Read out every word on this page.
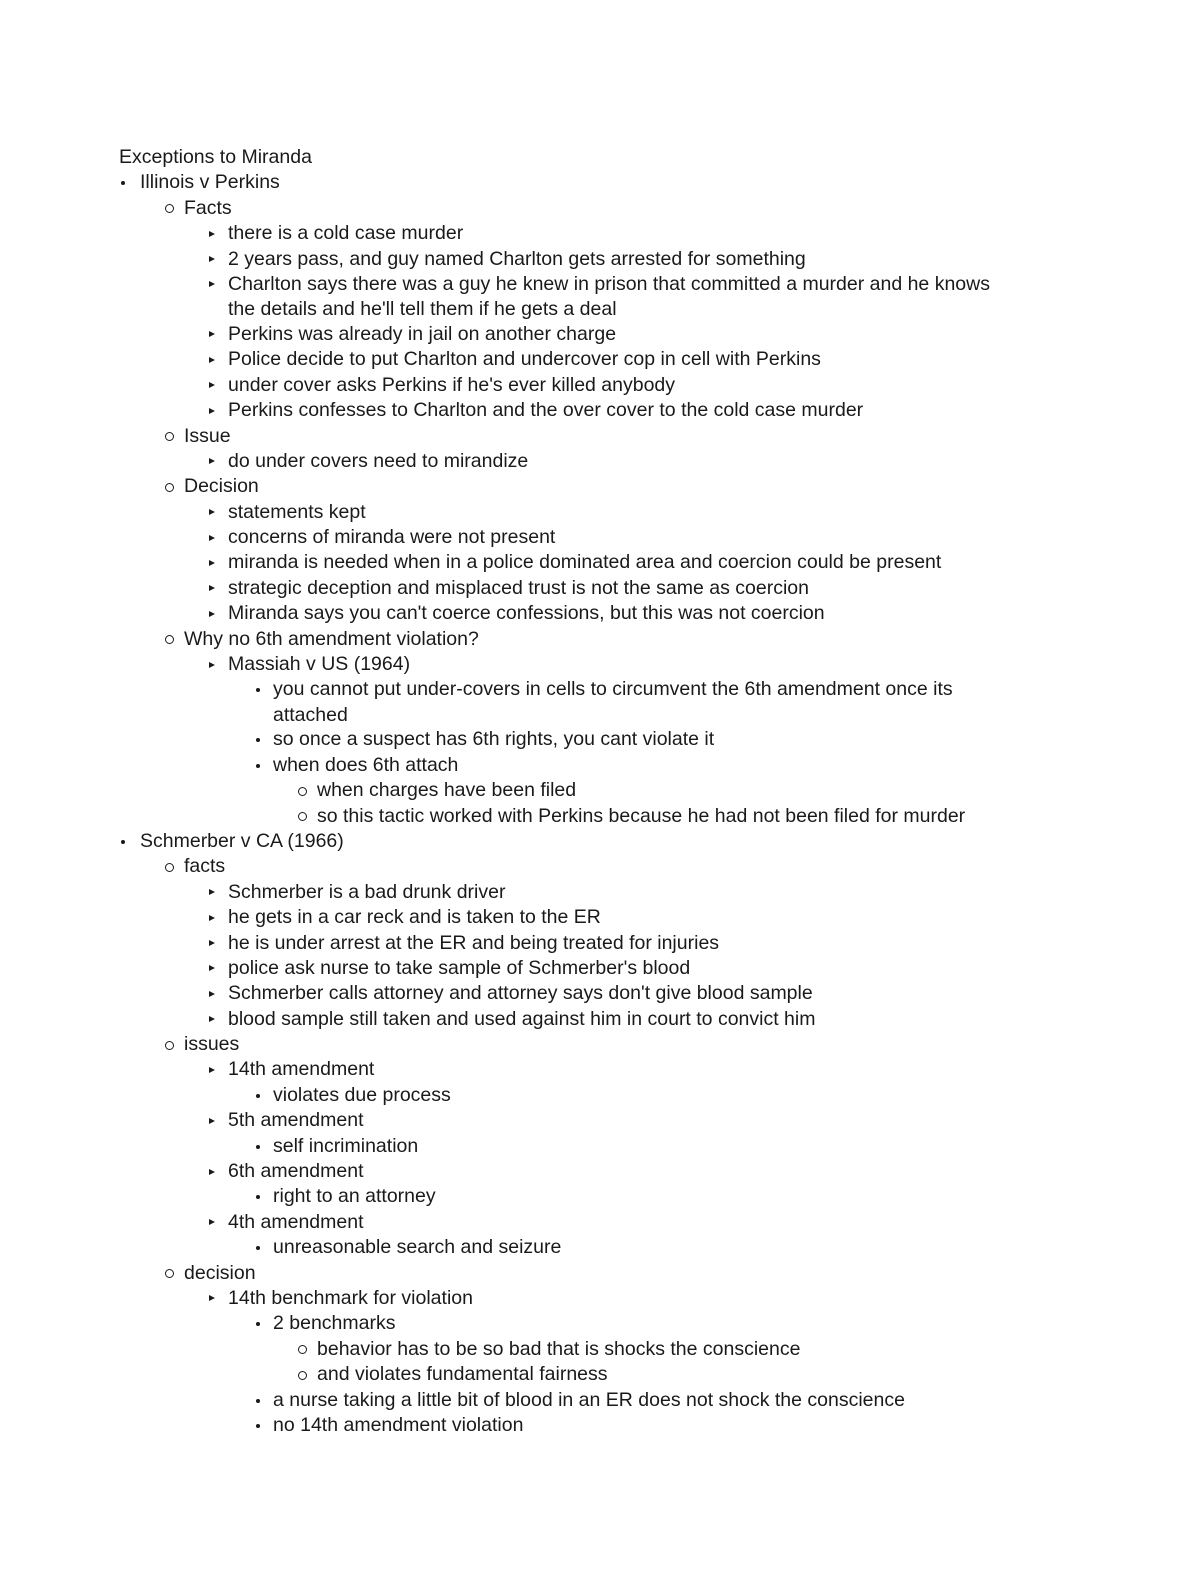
Exceptions to Miranda
Illinois v Perkins
Facts
there is a cold case murder
2 years pass, and guy named Charlton gets arrested for something
Charlton says there was a guy he knew in prison that committed a murder and he knows
the details and he'll tell them if he gets a deal
Perkins was already in jail on another charge
Police decide to put Charlton and undercover cop in cell with Perkins
under cover asks Perkins if he's ever killed anybody
Perkins confesses to Charlton and the over cover to the cold case murder
Issue
do under covers need to mirandize
Decision
statements kept
concerns of miranda were not present
miranda is needed when in a police dominated area and coercion could be present
strategic deception and misplaced trust is not the same as coercion
Miranda says you can't coerce confessions, but this was not coercion
Why no 6th amendment violation?
Massiah v US (1964)
you cannot put under-covers in cells to circumvent the 6th amendment once its
attached
so once a suspect has 6th rights, you cant violate it
when does 6th attach
when charges have been filed
so this tactic worked with Perkins because he had not been filed for murder
Schmerber v CA (1966)
facts
Schmerber is a bad drunk driver
he gets in a car reck and is taken to the ER
he is under arrest at the ER and being treated for injuries
police ask nurse to take sample of Schmerber's blood
Schmerber calls attorney and attorney says don't give blood sample
blood sample still taken and used against him in court to convict him
issues
14th amendment
violates due process
5th amendment
self incrimination
6th amendment
right to an attorney
4th amendment
unreasonable search and seizure
decision
14th benchmark for violation
2 benchmarks
behavior has to be so bad that is shocks the conscience
and violates fundamental fairness
a nurse taking a little bit of blood in an ER does not shock the conscience
no 14th amendment violation
